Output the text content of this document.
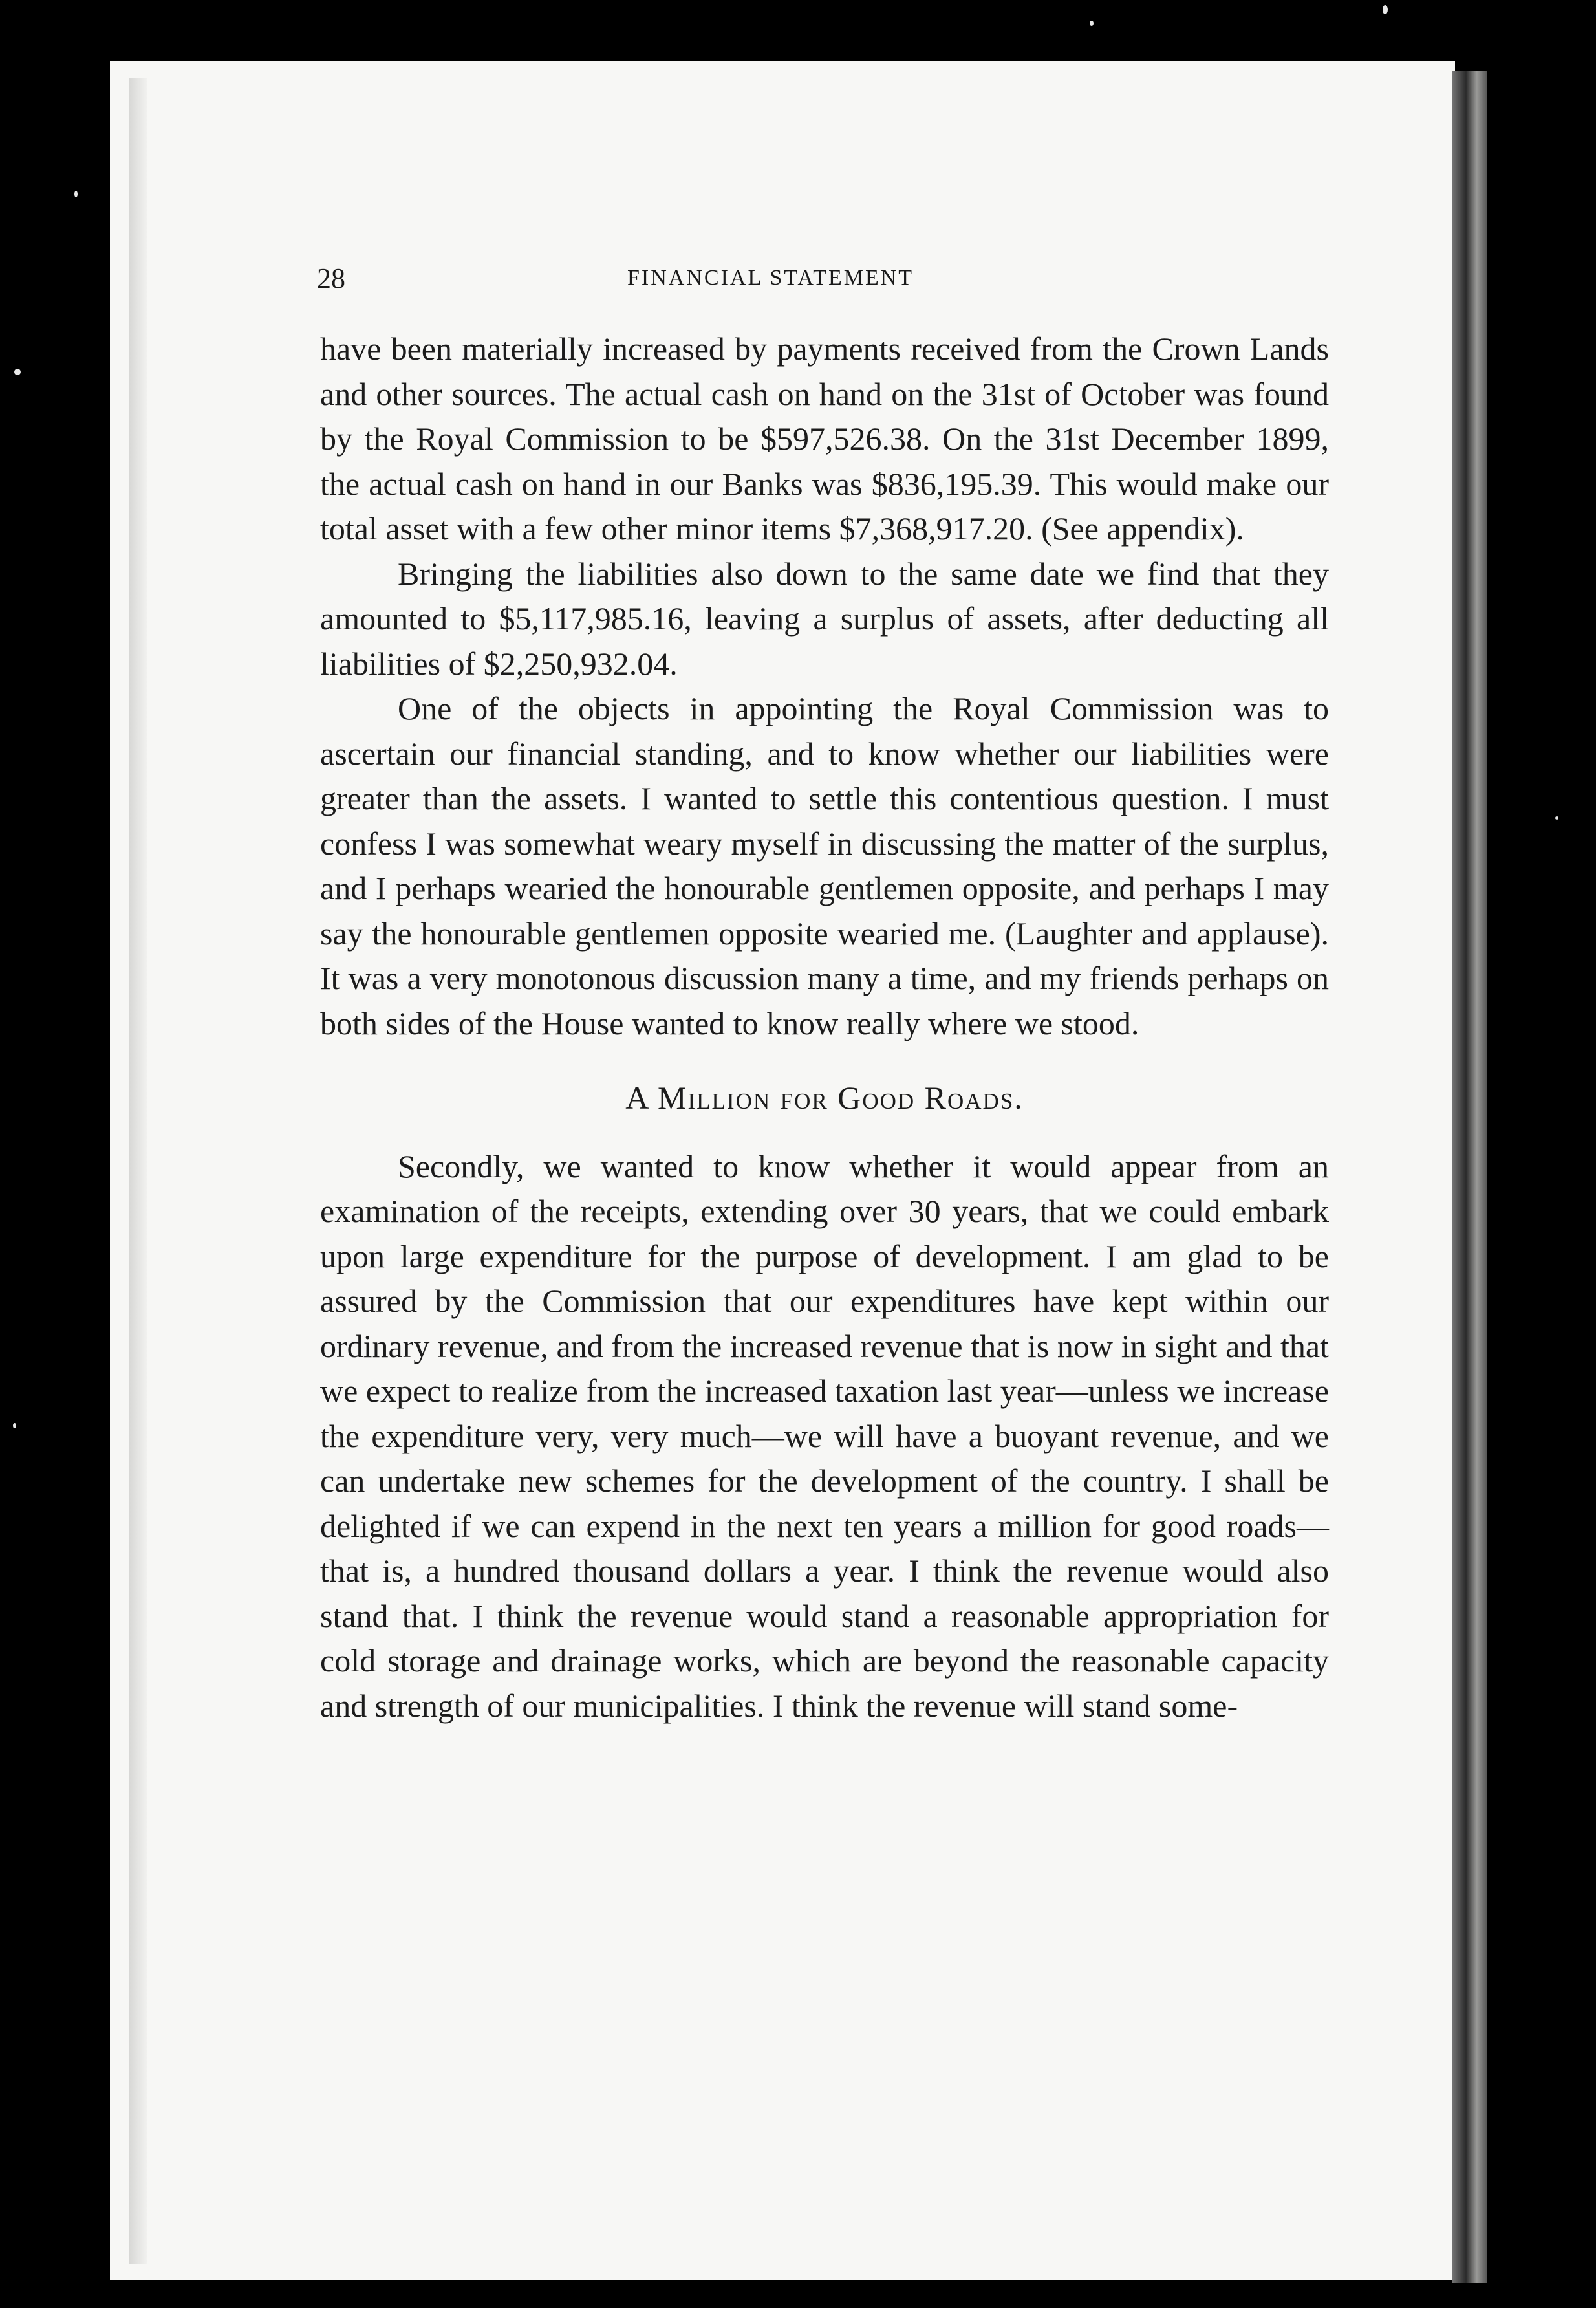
28	FINANCIAL STATEMENT

have been materially increased by payments received from the Crown Lands and other sources. The actual cash on hand on the 31st of October was found by the Royal Commission to be $597,526.38. On the 31st December 1899, the actual cash on hand in our Banks was $836,195.39. This would make our total asset with a few other minor items $7,368,917.20. (See appendix).

Bringing the liabilities also down to the same date we find that they amounted to $5,117,985.16, leaving a surplus of assets, after deducting all liabilities of $2,250,932.04.

One of the objects in appointing the Royal Commission was to ascertain our financial standing, and to know whether our liabilities were greater than the assets. I wanted to settle this contentious question. I must confess I was somewhat weary myself in discussing the matter of the surplus, and I perhaps wearied the honourable gentlemen opposite, and perhaps I may say the honourable gentlemen opposite wearied me. (Laughter and applause). It was a very monotonous discussion many a time, and my friends perhaps on both sides of the House wanted to know really where we stood.

A Million for Good Roads.

Secondly, we wanted to know whether it would appear from an examination of the receipts, extending over 30 years, that we could embark upon large expenditure for the purpose of development. I am glad to be assured by the Commission that our expenditures have kept within our ordinary revenue, and from the increased revenue that is now in sight and that we expect to realize from the increased taxation last year—unless we increase the expenditure very, very much—we will have a buoyant revenue, and we can undertake new schemes for the development of the country. I shall be delighted if we can expend in the next ten years a million for good roads—that is, a hundred thousand dollars a year. I think the revenue would also stand that. I think the revenue would stand a reasonable appropriation for cold storage and drainage works, which are beyond the reasonable capacity and strength of our municipalities. I think the revenue will stand some-
